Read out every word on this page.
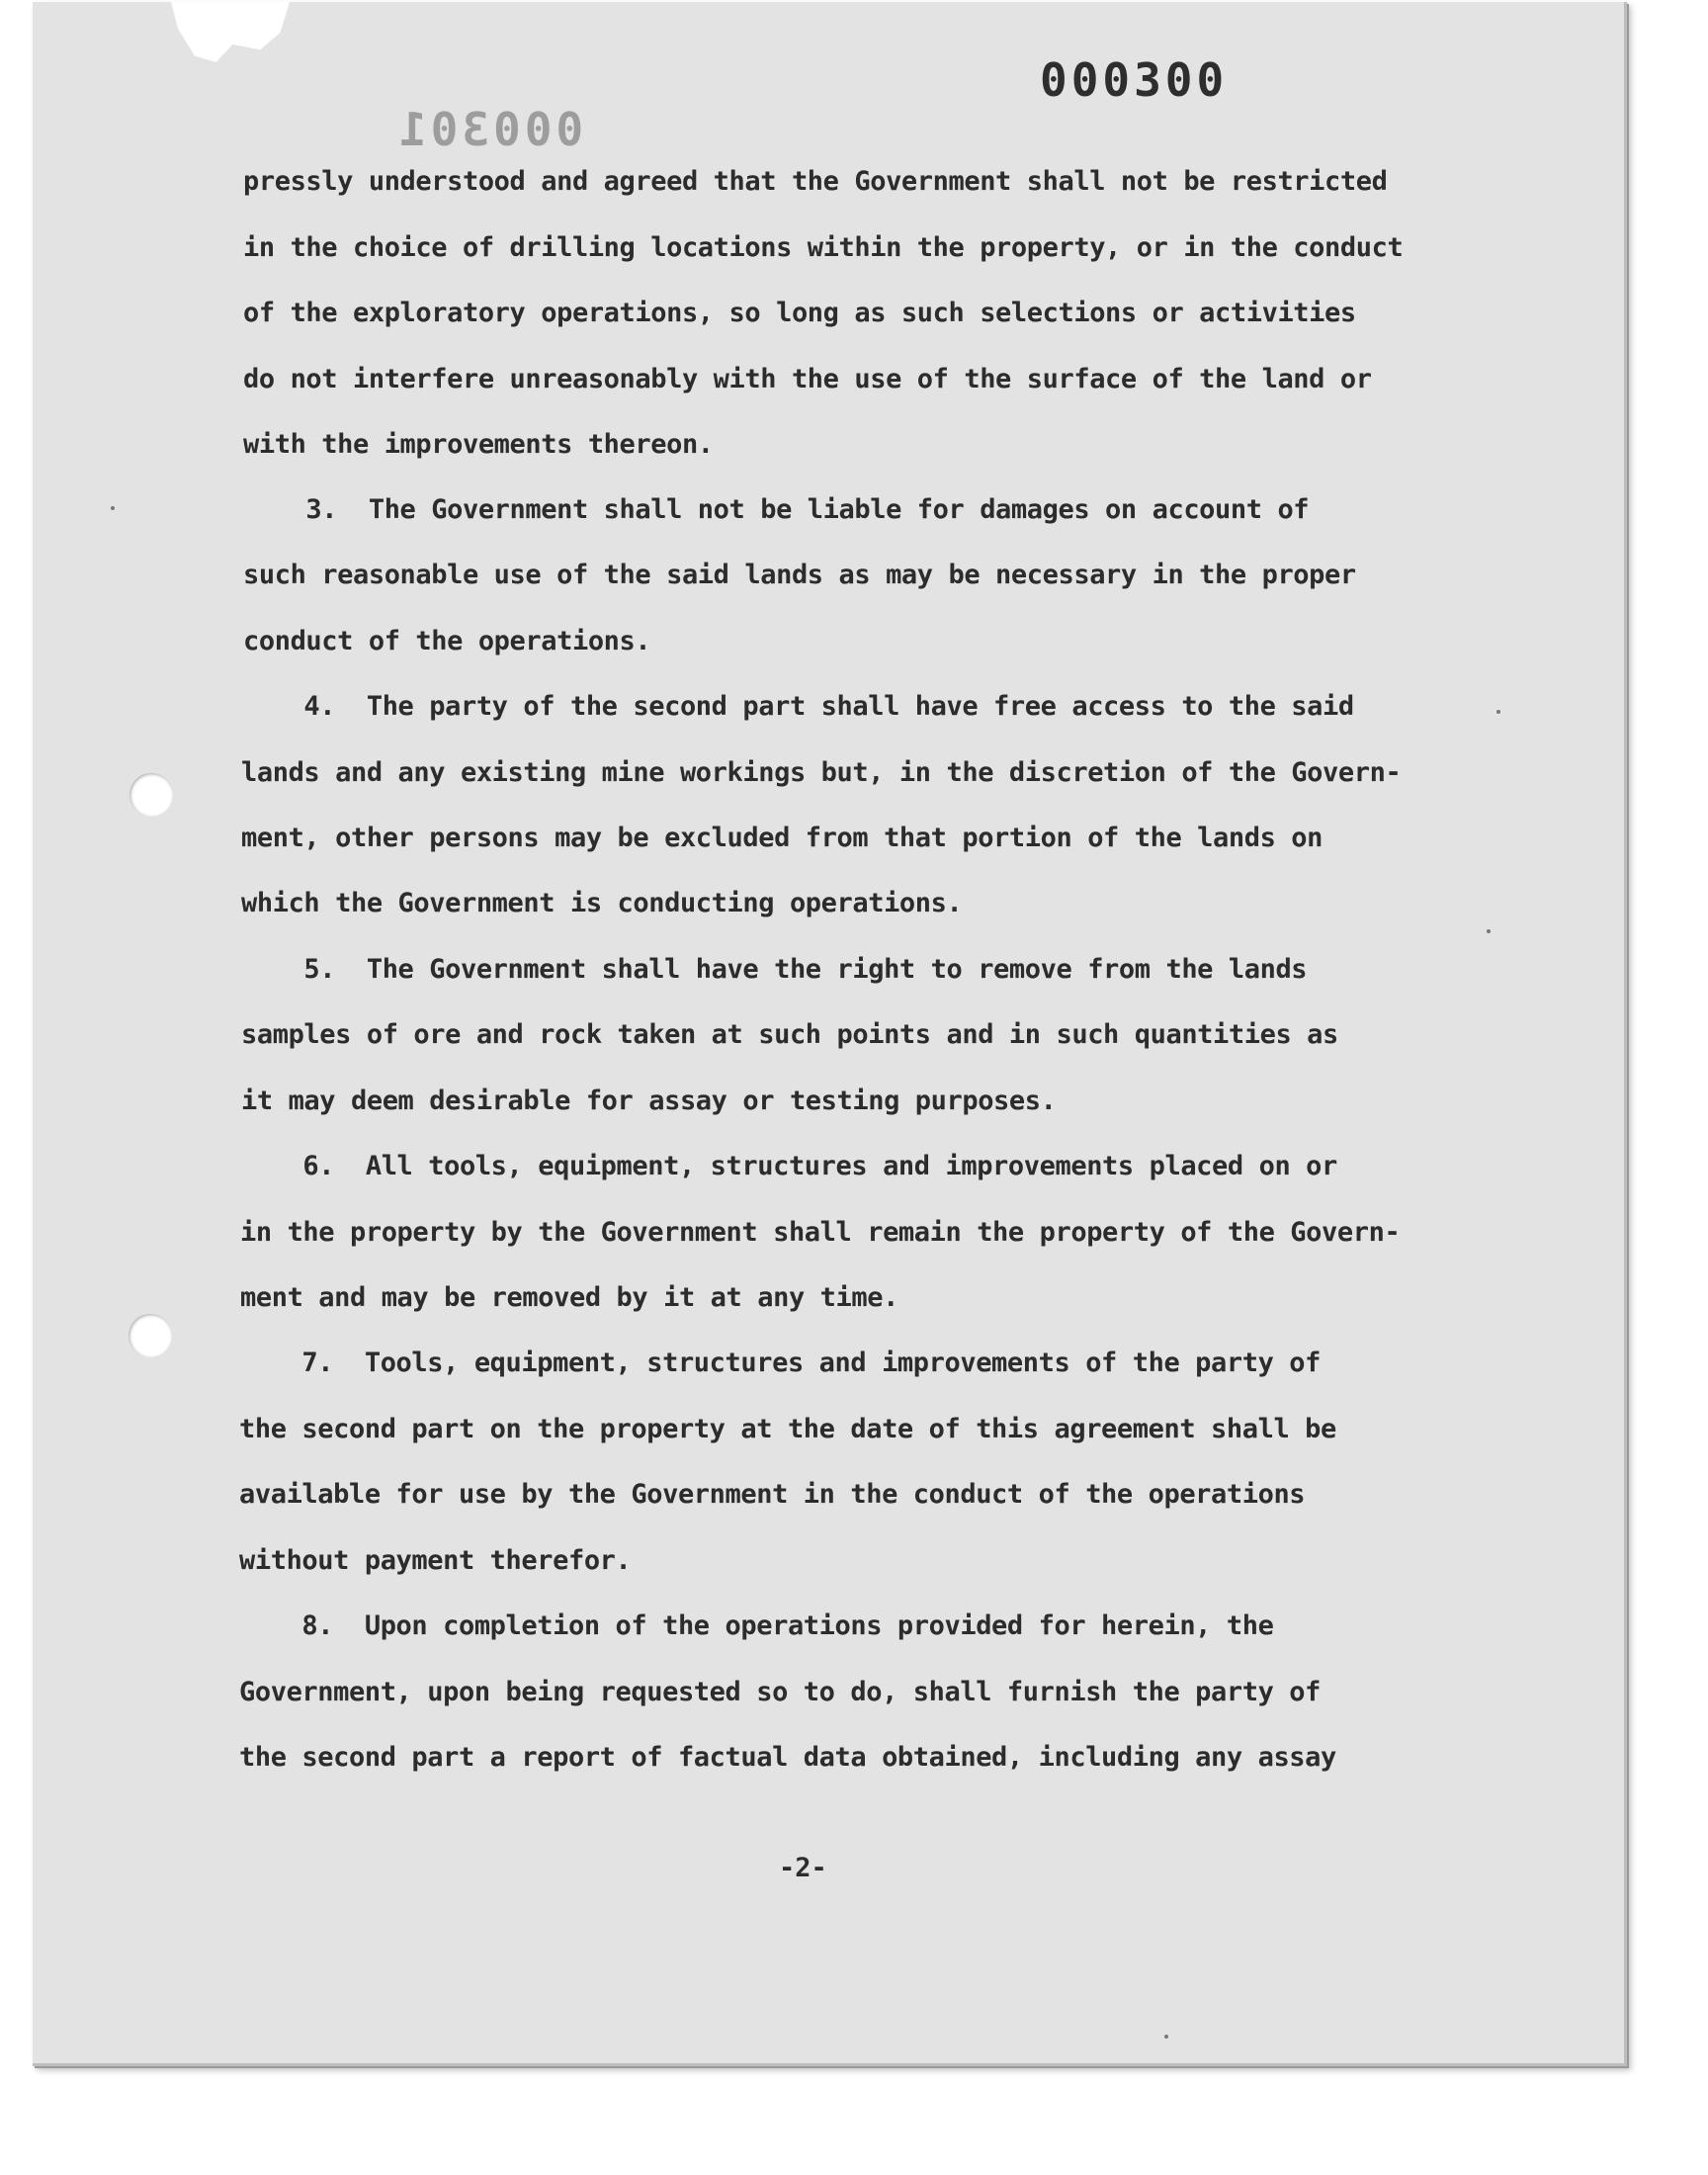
000300
000301
pressly understood and agreed that the Government shall not be restricted
in the choice of drilling locations within the property, or in the conduct
of the exploratory operations, so long as such selections or activities
do not interfere unreasonably with the use of the surface of the land or
with the improvements thereon.
3.  The Government shall not be liable for damages on account of
such reasonable use of the said lands as may be necessary in the proper
conduct of the operations.
4.  The party of the second part shall have free access to the said
lands and any existing mine workings but, in the discretion of the Govern-
ment, other persons may be excluded from that portion of the lands on
which the Government is conducting operations.
5.  The Government shall have the right to remove from the lands
samples of ore and rock taken at such points and in such quantities as
it may deem desirable for assay or testing purposes.
6.  All tools, equipment, structures and improvements placed on or
in the property by the Government shall remain the property of the Govern-
ment and may be removed by it at any time.
7.  Tools, equipment, structures and improvements of the party of
the second part on the property at the date of this agreement shall be
available for use by the Government in the conduct of the operations
without payment therefor.
8.  Upon completion of the operations provided for herein, the
Government, upon being requested so to do, shall furnish the party of
the second part a report of factual data obtained, including any assay
-2-
